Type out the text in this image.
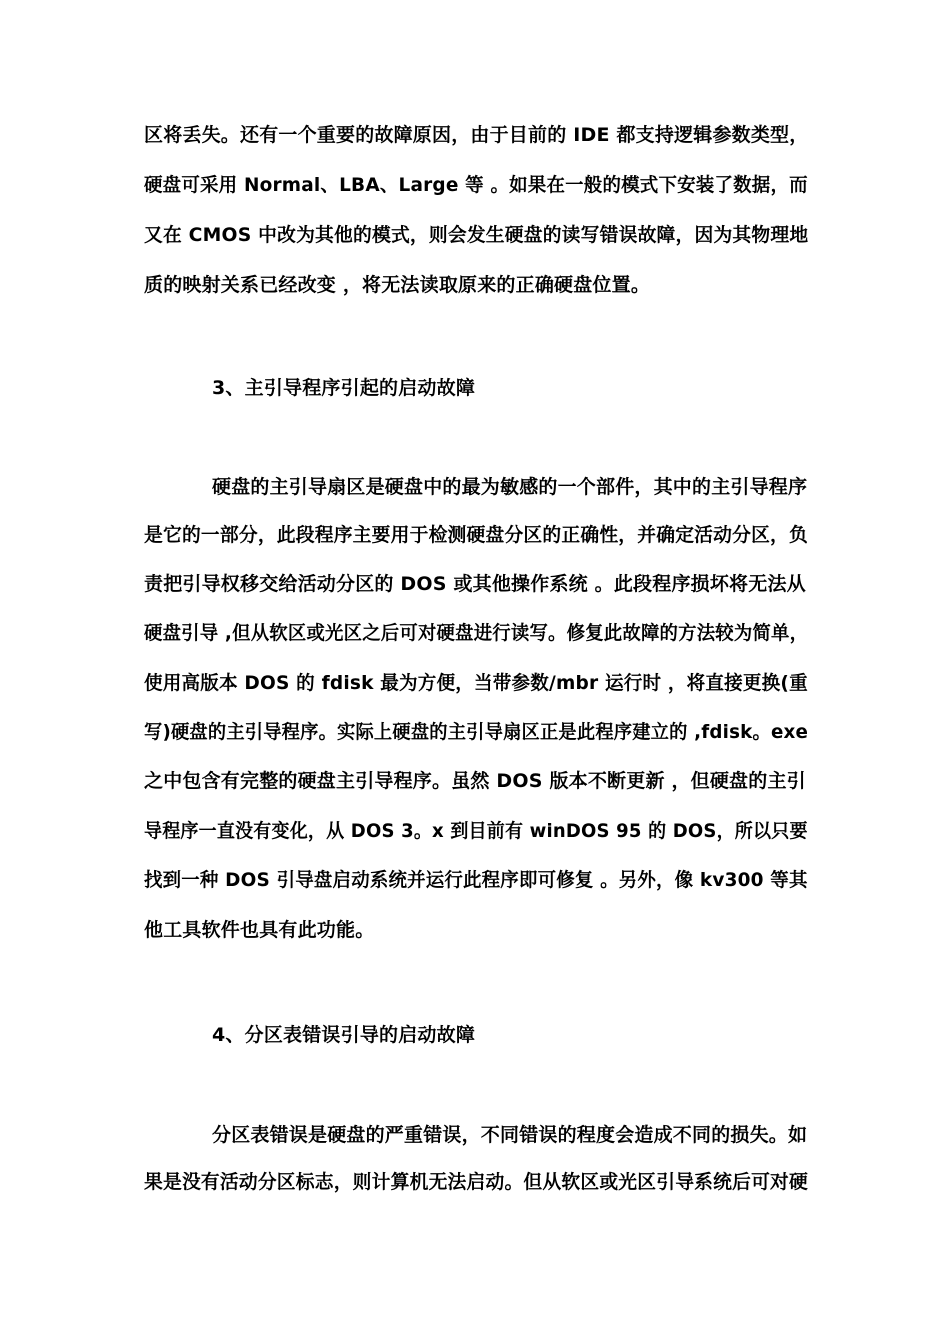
区将丢失。还有一个重要的故障原因，由于目前的 IDE 都支持逻辑参数类型，
硬盘可采用 Normal、LBA、Large 等 。如果在一般的模式下安装了数据，而
又在 CMOS 中改为其他的模式，则会发生硬盘的读写错误故障，因为其物理地
质的映射关系已经改变 ，将无法读取原来的正确硬盘位置。
3、主引导程序引起的启动故障
硬盘的主引导扇区是硬盘中的最为敏感的一个部件，其中的主引导程序
是它的一部分，此段程序主要用于检测硬盘分区的正确性，并确定活动分区，负
责把引导权移交给活动分区的 DOS 或其他操作系统 。此段程序损坏将无法从
硬盘引导 ,但从软区或光区之后可对硬盘进行读写。修复此故障的方法较为简单，
使用高版本 DOS 的 fdisk 最为方便，当带参数/mbr 运行时 ，将直接更换(重
写)硬盘的主引导程序。实际上硬盘的主引导扇区正是此程序建立的 ,fdisk。exe
之中包含有完整的硬盘主引导程序。虽然 DOS 版本不断更新 ，但硬盘的主引
导程序一直没有变化，从 DOS 3。x 到目前有 winDOS 95 的 DOS，所以只要
找到一种 DOS 引导盘启动系统并运行此程序即可修复 。另外，像 kv300 等其
他工具软件也具有此功能。
4、分区表错误引导的启动故障
分区表错误是硬盘的严重错误，不同错误的程度会造成不同的损失。如
果是没有活动分区标志，则计算机无法启动。但从软区或光区引导系统后可对硬
